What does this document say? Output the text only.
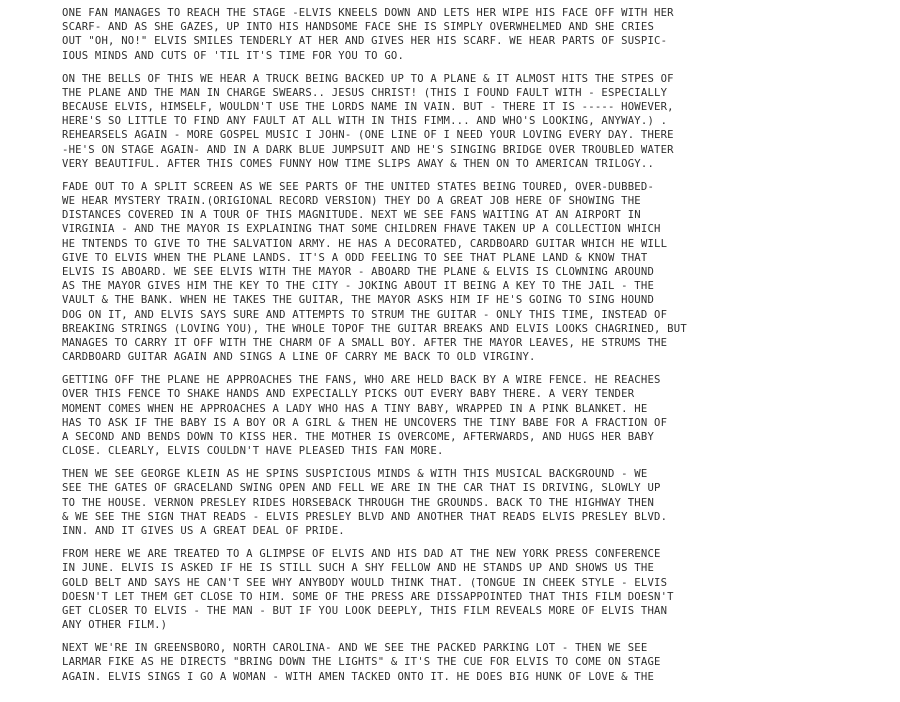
ONE FAN MANAGES TO REACH THE STAGE -ELVIS KNEELS DOWN AND LETS HER WIPE HIS FACE OFF WITH HER
SCARF- AND AS SHE GAZES, UP INTO HIS HANDSOME FACE SHE IS SIMPLY OVERWHELMED AND SHE CRIES
OUT "OH, NO!" ELVIS SMILES TENDERLY AT HER AND GIVES HER HIS SCARF. WE HEAR PARTS OF SUSPIC-
IOUS MINDS AND CUTS OF 'TIL IT'S TIME FOR YOU TO GO.

ON THE BELLS OF THIS WE HEAR A TRUCK BEING BACKED UP TO A PLANE & IT ALMOST HITS THE STPES OF
THE PLANE AND THE MAN IN CHARGE SWEARS.. JESUS CHRIST! (THIS I FOUND FAULT WITH - ESPECIALLY
BECAUSE ELVIS, HIMSELF, WOULDN'T USE THE LORDS NAME IN VAIN. BUT - THERE IT IS ----- HOWEVER,
HERE'S SO LITTLE TO FIND ANY FAULT AT ALL WITH IN THIS FIMM... AND WHO'S LOOKING, ANYWAY.) .
REHEARSELS AGAIN - MORE GOSPEL MUSIC I JOHN- (ONE LINE OF I NEED YOUR LOVING EVERY DAY. THERE
-HE'S ON STAGE AGAIN- AND IN A DARK BLUE JUMPSUIT AND HE'S SINGING BRIDGE OVER TROUBLED WATER
VERY BEAUTIFUL. AFTER THIS COMES FUNNY HOW TIME SLIPS AWAY & THEN ON TO AMERICAN TRILOGY..

FADE OUT TO A SPLIT SCREEN AS WE SEE PARTS OF THE UNITED STATES BEING TOURED, OVER-DUBBED-
WE HEAR MYSTERY TRAIN.(ORIGIONAL RECORD VERSION) THEY DO A GREAT JOB HERE OF SHOWING THE
DISTANCES COVERED IN A TOUR OF THIS MAGNITUDE. NEXT WE SEE FANS WAITING AT AN AIRPORT IN
VIRGINIA - AND THE MAYOR IS EXPLAINING THAT SOME CHILDREN FHAVE TAKEN UP A COLLECTION WHICH
HE TNTENDS TO GIVE TO THE SALVATION ARMY. HE HAS A DECORATED, CARDBOARD GUITAR WHICH HE WILL
GIVE TO ELVIS WHEN THE PLANE LANDS. IT'S A ODD FEELING TO SEE THAT PLANE LAND & KNOW THAT
ELVIS IS ABOARD. WE SEE ELVIS WITH THE MAYOR - ABOARD THE PLANE & ELVIS IS CLOWNING AROUND
AS THE MAYOR GIVES HIM THE KEY TO THE CITY - JOKING ABOUT IT BEING A KEY TO THE JAIL - THE
VAULT & THE BANK. WHEN HE TAKES THE GUITAR, THE MAYOR ASKS HIM IF HE'S GOING TO SING HOUND
DOG ON IT, AND ELVIS SAYS SURE AND ATTEMPTS TO STRUM THE GUITAR - ONLY THIS TIME, INSTEAD OF
BREAKING STRINGS (LOVING YOU), THE WHOLE TOPOF THE GUITAR BREAKS AND ELVIS LOOKS CHAGRINED, BUT
MANAGES TO CARRY IT OFF WITH THE CHARM OF A SMALL BOY. AFTER THE MAYOR LEAVES, HE STRUMS THE
CARDBOARD GUITAR AGAIN AND SINGS A LINE OF CARRY ME BACK TO OLD VIRGINY.

GETTING OFF THE PLANE HE APPROACHES THE FANS, WHO ARE HELD BACK BY A WIRE FENCE. HE REACHES
OVER THIS FENCE TO SHAKE HANDS AND EXPECIALLY PICKS OUT EVERY BABY THERE. A VERY TENDER
MOMENT COMES WHEN HE APPROACHES A LADY WHO HAS A TINY BABY, WRAPPED IN A PINK BLANKET. HE
HAS TO ASK IF THE BABY IS A BOY OR A GIRL & THEN HE UNCOVERS THE TINY BABE FOR A FRACTION OF
A SECOND AND BENDS DOWN TO KISS HER. THE MOTHER IS OVERCOME, AFTERWARDS, AND HUGS HER BABY
CLOSE. CLEARLY, ELVIS COULDN'T HAVE PLEASED THIS FAN MORE.

THEN WE SEE GEORGE KLEIN AS HE SPINS SUSPICIOUS MINDS & WITH THIS MUSICAL BACKGROUND - WE
SEE THE GATES OF GRACELAND SWING OPEN AND FELL WE ARE IN THE CAR THAT IS DRIVING, SLOWLY UP
TO THE HOUSE. VERNON PRESLEY RIDES HORSEBACK THROUGH THE GROUNDS. BACK TO THE HIGHWAY THEN
& WE SEE THE SIGN THAT READS - ELVIS PRESLEY BLVD AND ANOTHER THAT READS ELVIS PRESLEY BLVD.
INN. AND IT GIVES US A GREAT DEAL OF PRIDE.

FROM HERE WE ARE TREATED TO A GLIMPSE OF ELVIS AND HIS DAD AT THE NEW YORK PRESS CONFERENCE
IN JUNE. ELVIS IS ASKED IF HE IS STILL SUCH A SHY FELLOW AND HE STANDS UP AND SHOWS US THE
GOLD BELT AND SAYS HE CAN'T SEE WHY ANYBODY WOULD THINK THAT. (TONGUE IN CHEEK STYLE - ELVIS
DOESN'T LET THEM GET CLOSE TO HIM. SOME OF THE PRESS ARE DISSAPPOINTED THAT THIS FILM DOESN'T
GET CLOSER TO ELVIS - THE MAN - BUT IF YOU LOOK DEEPLY, THIS FILM REVEALS MORE OF ELVIS THAN
ANY OTHER FILM.)

NEXT WE'RE IN GREENSBORO, NORTH CAROLINA- AND WE SEE THE PACKED PARKING LOT - THEN WE SEE
LARMAR FIKE AS HE DIRECTS "BRING DOWN THE LIGHTS" & IT'S THE CUE FOR ELVIS TO COME ON STAGE
AGAIN. ELVIS SINGS I GO A WOMAN - WITH AMEN TACKED ONTO IT. HE DOES BIG HUNK OF LOVE & THE
